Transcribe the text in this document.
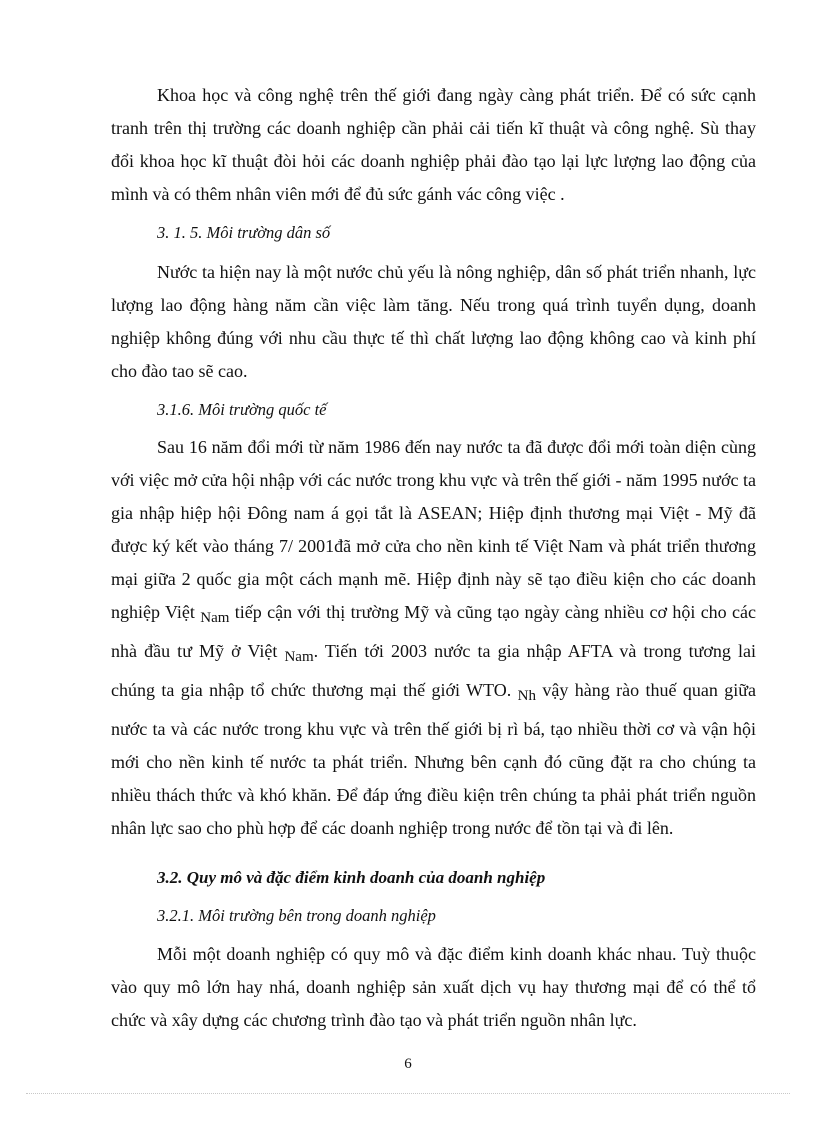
Khoa học và công nghệ trên thế giới đang ngày càng phát triển. Để có sức cạnh tranh trên thị trường các doanh nghiệp cần phải cải tiến kĩ thuật và công nghệ. Sù thay đổi khoa học kĩ thuật đòi hỏi các doanh nghiệp phải đào tạo lại lực lượng lao động của mình và có thêm nhân viên mới để đủ sức gánh vác công việc .

3. 1. 5. Môi trường dân số

Nước ta hiện nay là một nước chủ yếu là nông nghiệp, dân số phát triển nhanh, lực lượng lao động hàng năm cần việc làm tăng. Nếu trong quá trình tuyển dụng, doanh nghiệp không đúng với nhu cầu thực tế thì chất lượng lao động không cao và kinh phí cho đào tao sẽ cao.

3.1.6. Môi trường quốc tế

Sau 16 năm đổi mới từ năm 1986 đến nay nước ta đã được đổi mới toàn diện cùng với việc mở cửa hội nhập với các nước trong khu vực và trên thế giới - năm 1995 nước ta gia nhập hiệp hội Đông nam á gọi tắt là ASEAN; Hiệp định thương mại Việt - Mỹ đã được ký kết vào tháng 7/ 2001đã mở cửa cho nền kinh tế Việt Nam và phát triển thương mại giữa 2 quốc gia một cách mạnh mẽ. Hiệp định này sẽ tạo điều kiện cho các doanh nghiệp Việt $_{Nam}$ tiếp cận với thị trường Mỹ và cũng tạo ngày càng nhiều cơ hội cho các nhà đầu tư Mỹ ở Việt $_{Nam}$. Tiến tới 2003 nước ta gia nhập AFTA và trong tương lai chúng ta gia nhập tổ chức thương mại thế giới WTO. $_{Nh}$ vậy hàng rào thuế quan giữa nước ta và các nước trong khu vực và trên thế giới bị rì bá, tạo nhiều thời cơ và vận hội mới cho nền kinh tế nước ta phát triển. Nhưng bên cạnh đó cũng đặt ra cho chúng ta nhiều thách thức và khó khăn. Để đáp ứng điều kiện trên chúng ta phải phát triển nguồn nhân lực sao cho phù hợp để các doanh nghiệp trong nước để tồn tại và đi lên.

3.2. Quy mô và đặc điểm kinh doanh của doanh nghiệp

3.2.1. Môi trường bên trong doanh nghiệp

Mỗi một doanh nghiệp có quy mô và đặc điểm kinh doanh khác nhau. Tuỳ thuộc vào quy mô lớn hay nhá, doanh nghiệp sản xuất dịch vụ hay thương mại để có thể tổ chức và xây dựng các chương trình đào tạo và phát triển nguồn nhân lực.

6
